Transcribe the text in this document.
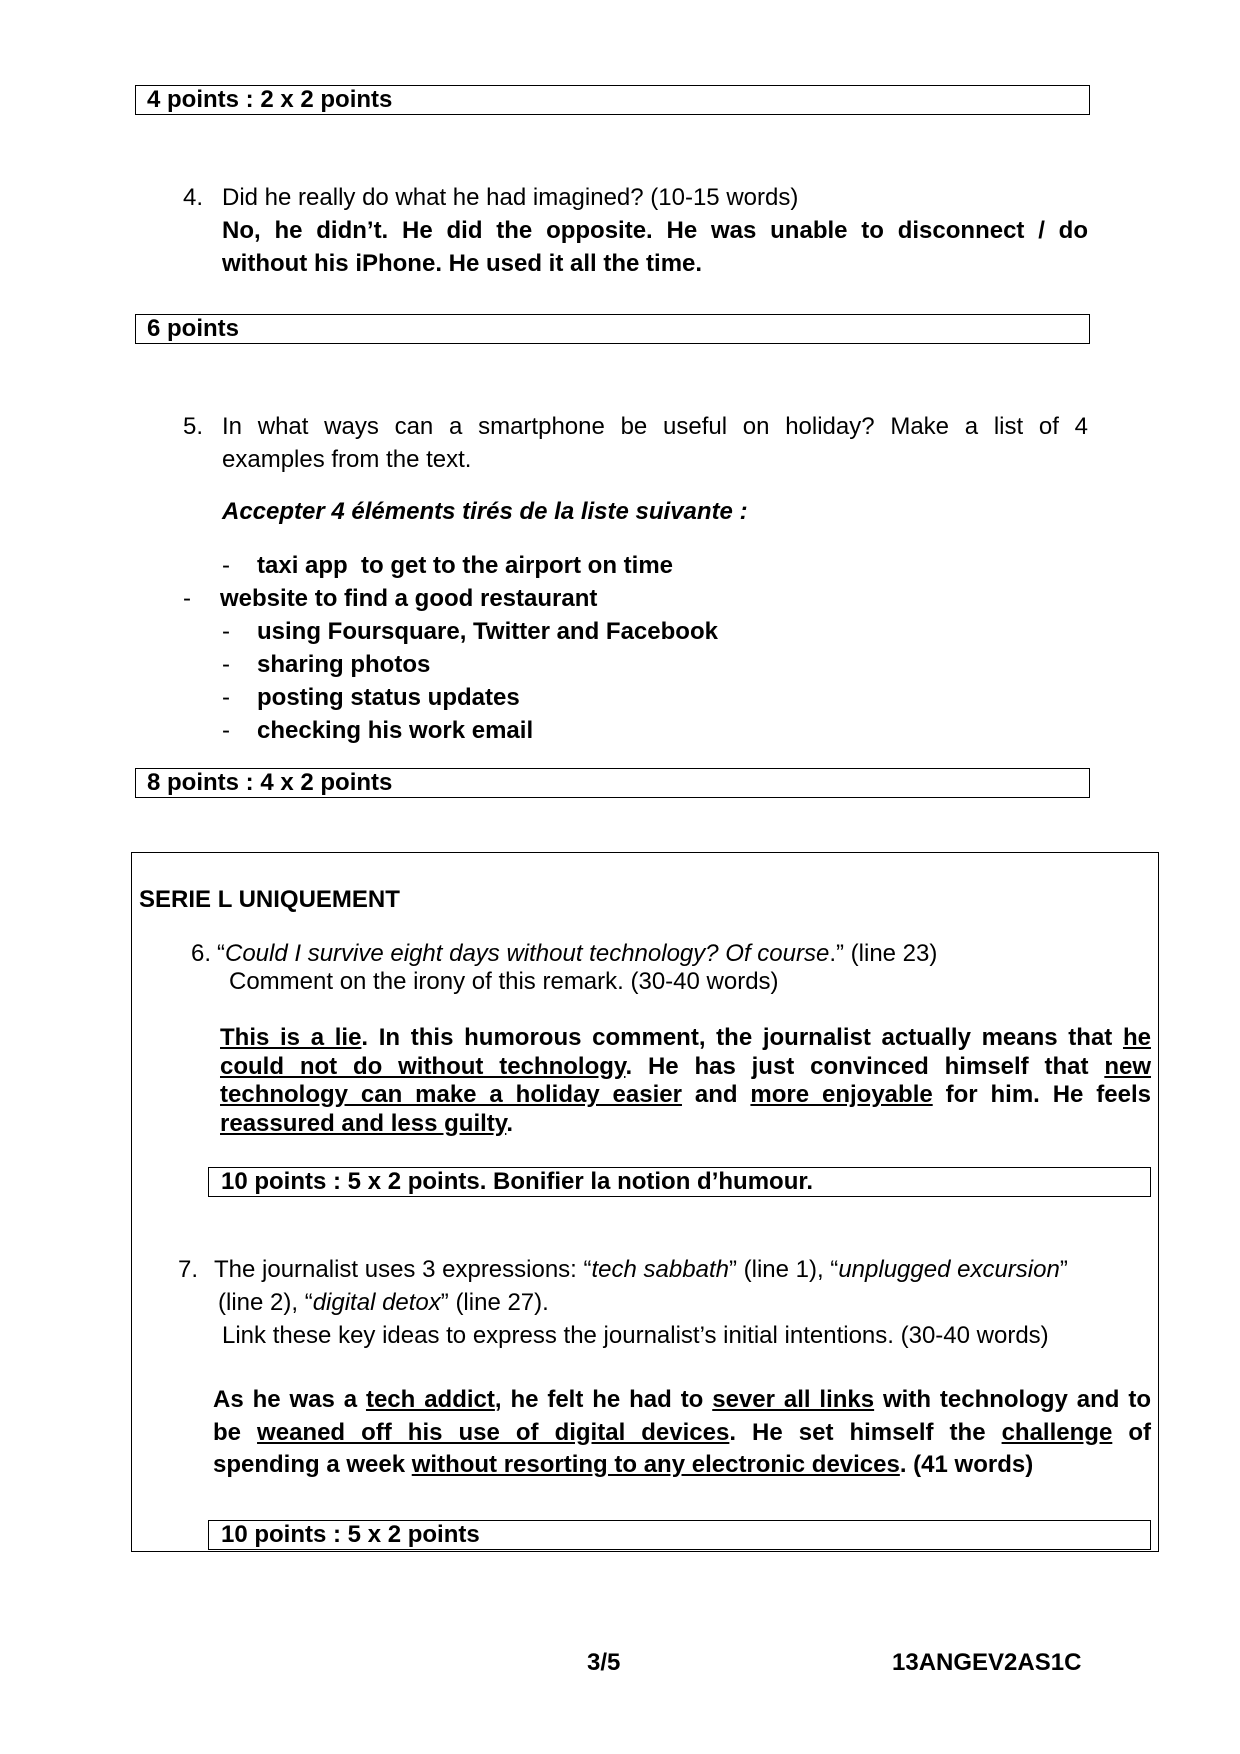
4 points : 2 x 2 points
4. Did he really do what he had imagined? (10-15 words)
No, he didn’t. He did the opposite. He was unable to disconnect / do
without his iPhone. He used it all the time.
6 points
5. In what ways can a smartphone be useful on holiday? Make a list of 4
examples from the text.
Accepter 4 éléments tirés de la liste suivante :
- taxi app  to get to the airport on time
- website to find a good restaurant
- using Foursquare, Twitter and Facebook
- sharing photos
- posting status updates
- checking his work email
8 points : 4 x 2 points
SERIE L UNIQUEMENT
6. “Could I survive eight days without technology? Of course.” (line 23)
Comment on the irony of this remark. (30-40 words)
This is a lie. In this humorous comment, the journalist actually means that he
could not do without technology. He has just convinced himself that new
technology can make a holiday easier and more enjoyable for him. He feels
reassured and less guilty.
10 points : 5 x 2 points. Bonifier la notion d’humour.
7. The journalist uses 3 expressions: “tech sabbath” (line 1), “unplugged excursion”
(line 2), “digital detox” (line 27).
Link these key ideas to express the journalist’s initial intentions. (30-40 words)
As he was a tech addict, he felt he had to sever all links with technology and to
be weaned off his use of digital devices. He set himself the challenge of
spending a week without resorting to any electronic devices. (41 words)
10 points : 5 x 2 points
3/5	13ANGEV2AS1C
